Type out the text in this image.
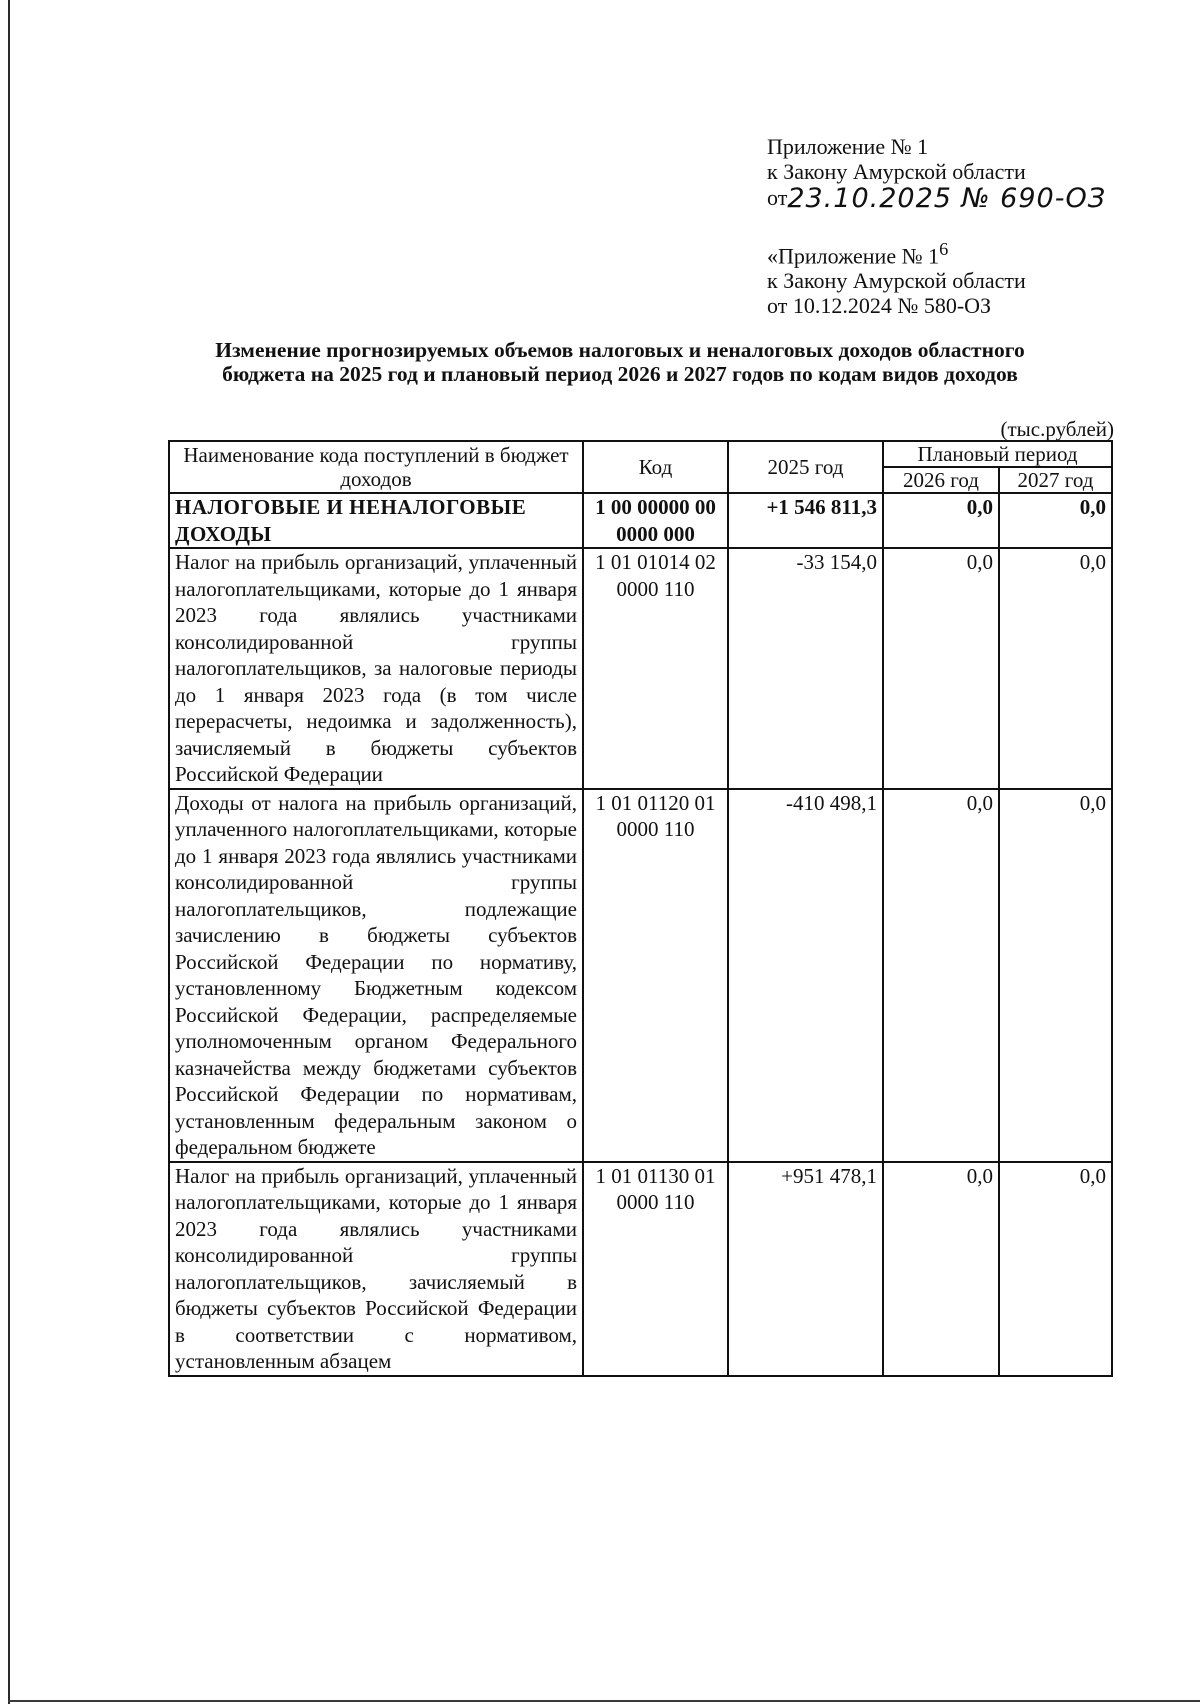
Приложение № 1
к Закону Амурской области
от23.10.2025 № 690-ОЗ
«Приложение № $1^6$
к Закону Амурской области
от 10.12.2024 № 580-ОЗ
Изменение прогнозируемых объемов налоговых и неналоговых доходов областного
бюджета на 2025 год и плановый период 2026 и 2027 годов по кодам видов доходов
(тыс.рублей)
Наименование кода поступлений в бюджет доходов	Код	2025 год	Плановый период	
			2026 год	2027 год
НАЛОГОВЫЕ И НЕНАЛОГОВЫЕ ДОХОДЫ	1 00 00000 00 0000 000	+1 546 811,3	0,0	0,0
Налог на прибыль организаций, уплаченный налогоплательщиками, которые до 1 января 2023 года являлись участниками консолидированной группы налогоплательщиков, за налоговые периоды до 1 января 2023 года (в том числе перерасчеты, недоимка и задолженность), зачисляемый в бюджеты субъектов Российской Федерации	1 01 01014 02 0000 110	-33 154,0	0,0	0,0
Доходы от налога на прибыль организаций, уплаченного налогоплательщиками, которые до 1 января 2023 года являлись участниками консолидированной группы налогоплательщиков, подлежащие зачислению в бюджеты субъектов Российской Федерации по нормативу, установленному Бюджетным кодексом Российской Федерации, распределяемые уполномоченным органом Федерального казначейства между бюджетами субъектов Российской Федерации по нормативам, установленным федеральным законом о федеральном бюджете	1 01 01120 01 0000 110	-410 498,1	0,0	0,0
Налог на прибыль организаций, уплаченный налогоплательщиками, которые до 1 января 2023 года являлись участниками консолидированной группы налогоплательщиков, зачисляемый в бюджеты субъектов Российской Федерации в соответствии с нормативом, установленным абзацем	1 01 01130 01 0000 110	+951 478,1	0,0	0,0
